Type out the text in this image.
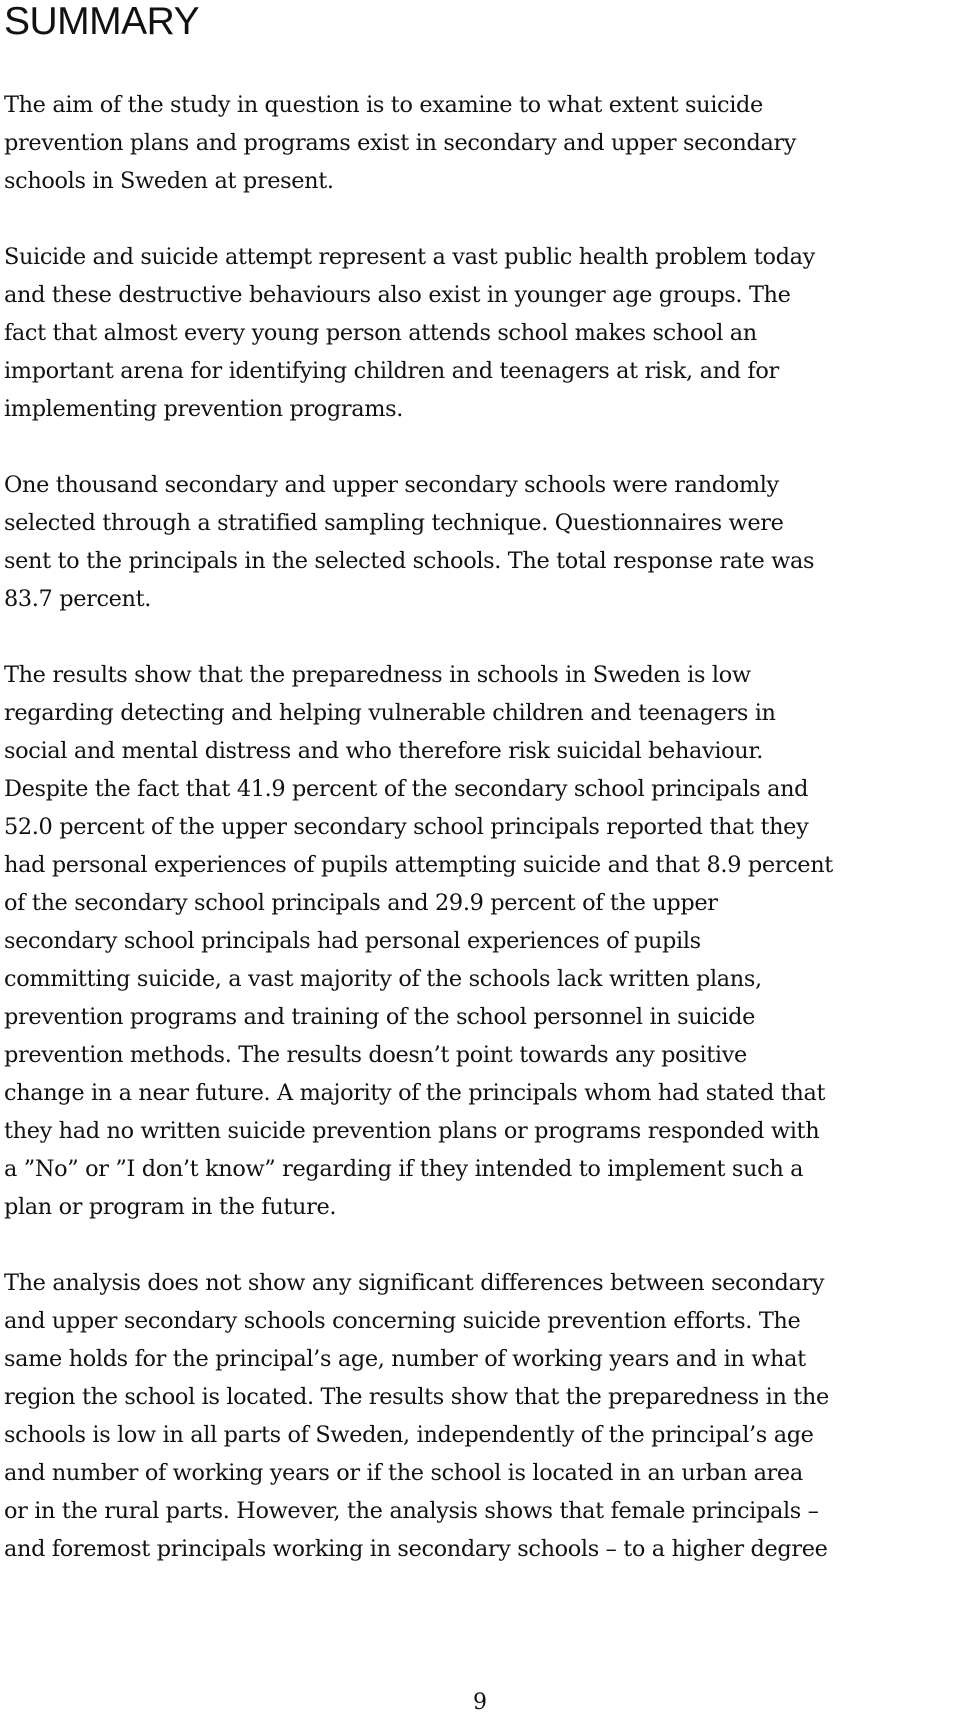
SUMMARY

The aim of the study in question is to examine to what extent suicide
prevention plans and programs exist in secondary and upper secondary
schools in Sweden at present.

Suicide and suicide attempt represent a vast public health problem today
and these destructive behaviours also exist in younger age groups. The
fact that almost every young person attends school makes school an
important arena for identifying children and teenagers at risk, and for
implementing prevention programs.

One thousand secondary and upper secondary schools were randomly
selected through a stratified sampling technique. Questionnaires were
sent to the principals in the selected schools. The total response rate was
83.7 percent.

The results show that the preparedness in schools in Sweden is low
regarding detecting and helping vulnerable children and teenagers in
social and mental distress and who therefore risk suicidal behaviour.
Despite the fact that 41.9 percent of the secondary school principals and
52.0 percent of the upper secondary school principals reported that they
had personal experiences of pupils attempting suicide and that 8.9 percent
of the secondary school principals and 29.9 percent of the upper
secondary school principals had personal experiences of pupils
committing suicide, a vast majority of the schools lack written plans,
prevention programs and training of the school personnel in suicide
prevention methods. The results doesn’t point towards any positive
change in a near future. A majority of the principals whom had stated that
they had no written suicide prevention plans or programs responded with
a ”No” or ”I don’t know” regarding if they intended to implement such a
plan or program in the future.

The analysis does not show any significant differences between secondary
and upper secondary schools concerning suicide prevention efforts. The
same holds for the principal’s age, number of working years and in what
region the school is located. The results show that the preparedness in the
schools is low in all parts of Sweden, independently of the principal’s age
and number of working years or if the school is located in an urban area
or in the rural parts. However, the analysis shows that female principals –
and foremost principals working in secondary schools – to a higher degree

9
